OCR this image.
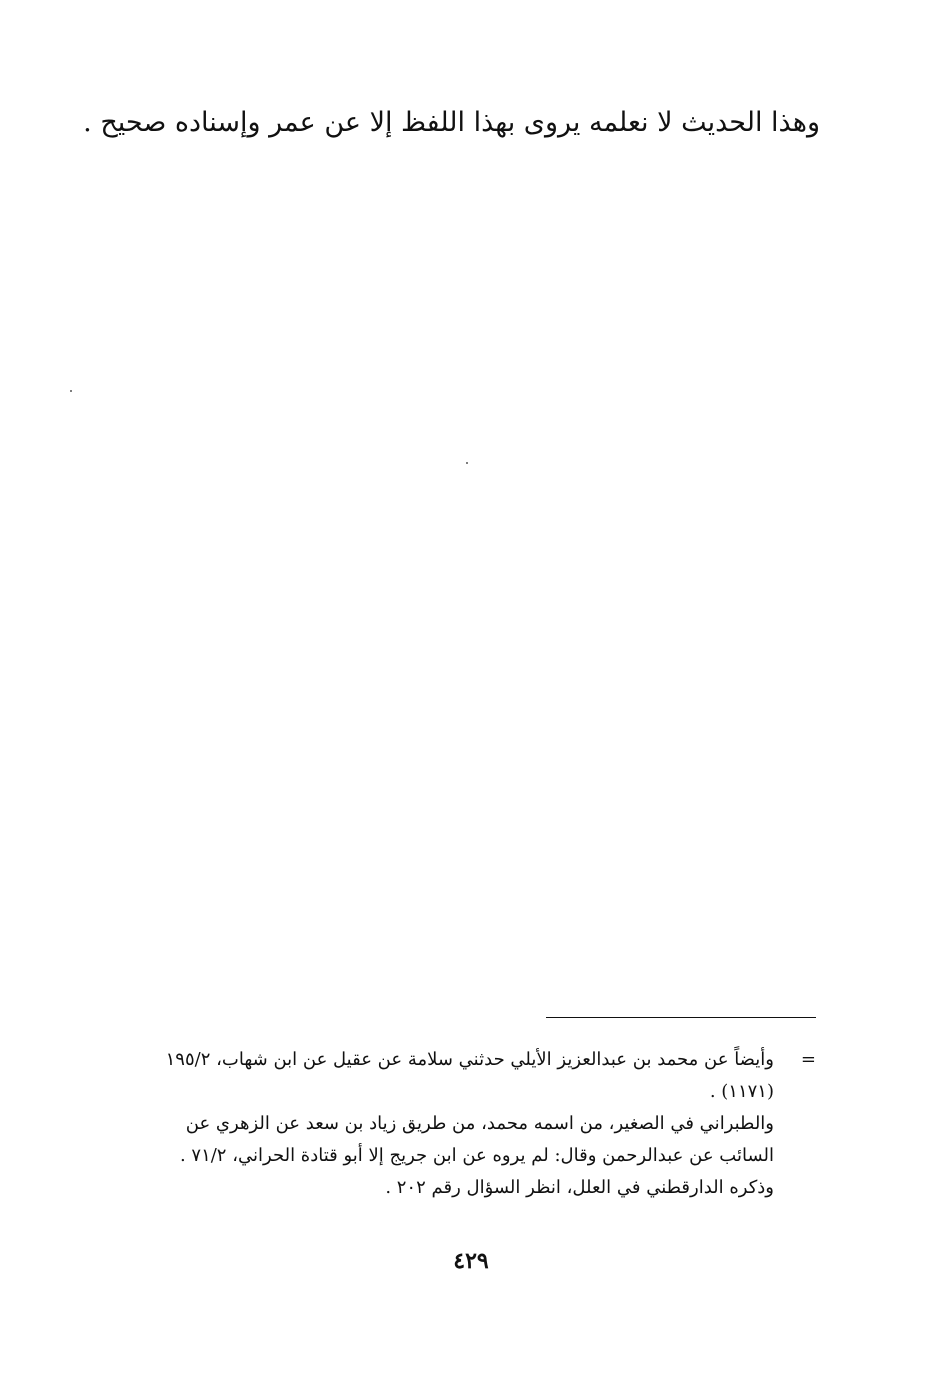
وهذا الحديث لا نعلمه يروى بهذا اللفظ إلا عن عمر وإسناده صحيح .
=وأيضاً عن محمد بن عبدالعزيز الأيلي حدثني سلامة عن عقيل عن ابن شهاب، ١٩٥/٢
(١١٧١) .
والطبراني في الصغير، من اسمه محمد، من طريق زياد بن سعد عن الزهري عن
السائب عن عبدالرحمن وقال: لم يروه عن ابن جريج إلا أبو قتادة الحراني، ٧١/٢ .
وذكره الدارقطني في العلل، انظر السؤال رقم ٢٠٢ .
٤٢٩
